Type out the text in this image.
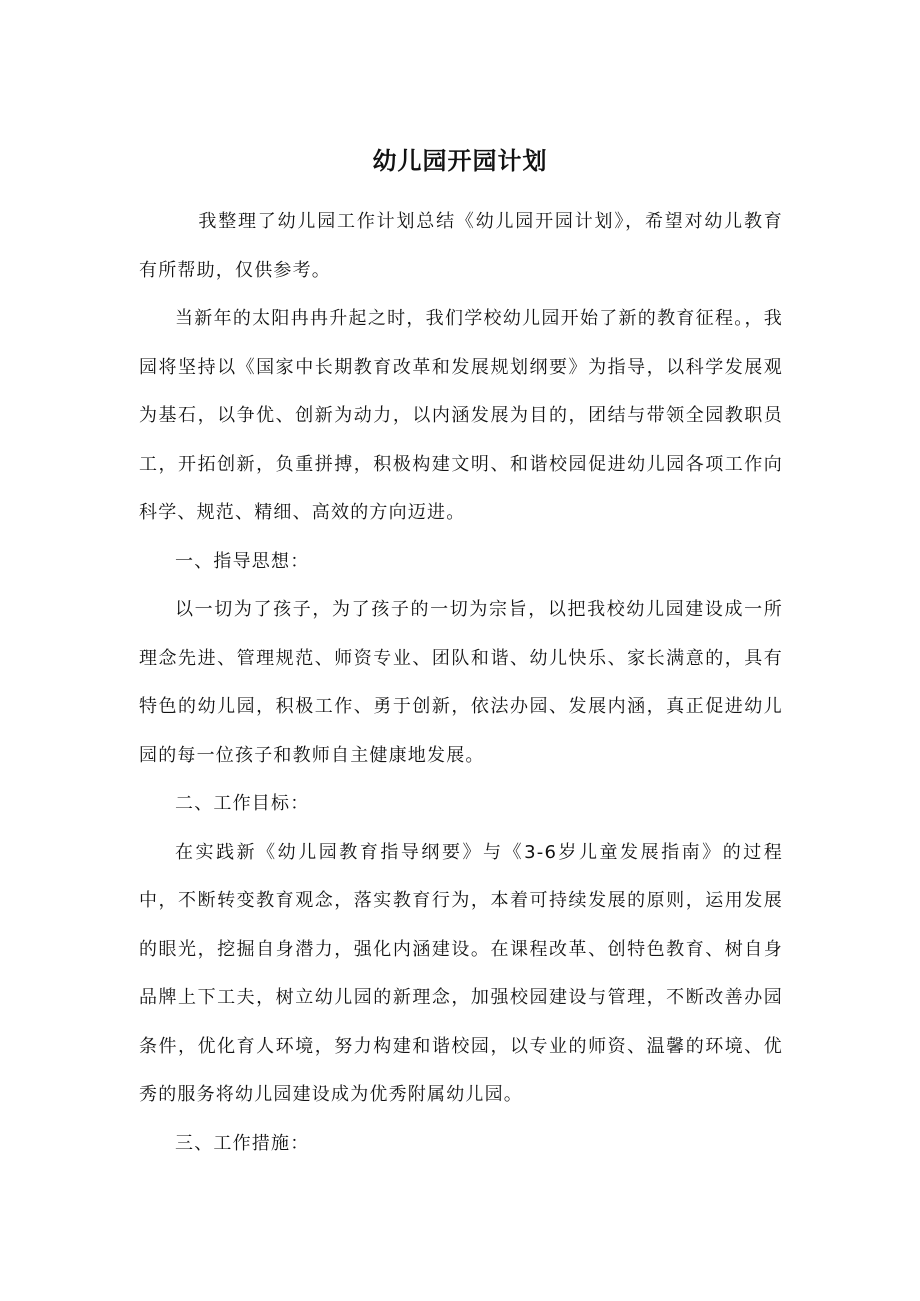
幼儿园开园计划

我整理了幼儿园工作计划总结《幼儿园开园计划》，希望对幼儿教育有所帮助，仅供参考。

当新年的太阳冉冉升起之时，我们学校幼儿园开始了新的教育征程。，我园将坚持以《国家中长期教育改革和发展规划纲要》为指导，以科学发展观为基石，以争优、创新为动力，以内涵发展为目的，团结与带领全园教职员工，开拓创新，负重拼搏，积极构建文明、和谐校园促进幼儿园各项工作向科学、规范、精细、高效的方向迈进。

一、指导思想：

以一切为了孩子，为了孩子的一切为宗旨，以把我校幼儿园建设成一所理念先进、管理规范、师资专业、团队和谐、幼儿快乐、家长满意的，具有特色的幼儿园，积极工作、勇于创新，依法办园、发展内涵，真正促进幼儿园的每一位孩子和教师自主健康地发展。

二、工作目标：

在实践新《幼儿园教育指导纲要》与《3-6岁儿童发展指南》的过程中，不断转变教育观念，落实教育行为，本着可持续发展的原则，运用发展的眼光，挖掘自身潜力，强化内涵建设。在课程改革、创特色教育、树自身品牌上下工夫，树立幼儿园的新理念，加强校园建设与管理，不断改善办园条件，优化育人环境，努力构建和谐校园，以专业的师资、温馨的环境、优秀的服务将幼儿园建设成为优秀附属幼儿园。

三、工作措施：
